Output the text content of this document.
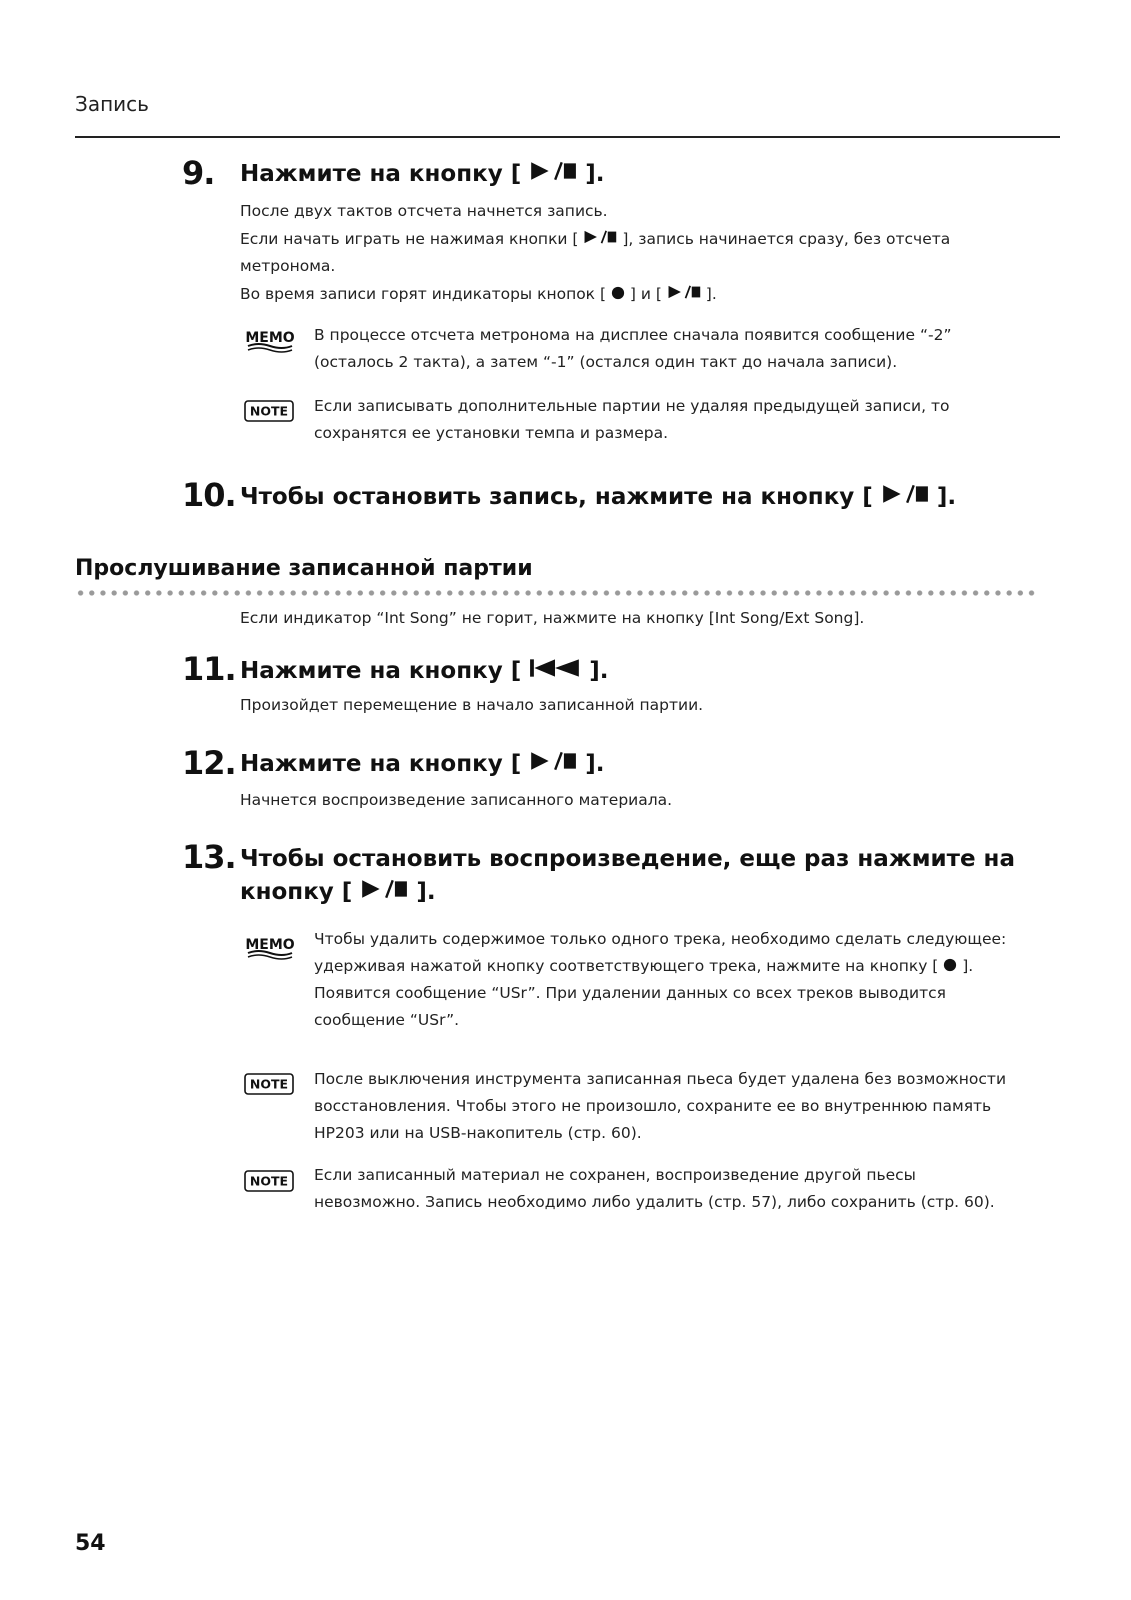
Запись
9. Нажмите на кнопку [  ].
После двух тактов отсчета начнется запись.
Если начать играть не нажимая кнопки [  ], запись начинается сразу, без отсчета
метронома.
Во время записи горят индикаторы кнопок [  ] и [  ].
MEMO В процессе отсчета метронома на дисплее сначала появится сообщение “-2”
(осталось 2 такта), а затем “-1” (остался один такт до начала записи).
NOTE Если записывать дополнительные партии не удаляя предыдущей записи, то
сохранятся ее установки темпа и размера.
10. Чтобы остановить запись, нажмите на кнопку [  ].
Прослушивание записанной партии
Если индикатор “Int Song” не горит, нажмите на кнопку [Int Song/Ext Song].
11. Нажмите на кнопку [  ].
Произойдет перемещение в начало записанной партии.
12. Нажмите на кнопку [  ].
Начнется воспроизведение записанного материала.
13. Чтобы остановить воспроизведение, еще раз нажмите на
кнопку [  ].
MEMO Чтобы удалить содержимое только одного трека, необходимо сделать следующее:
удерживая нажатой кнопку соответствующего трека, нажмите на кнопку [  ].
Появится сообщение “USr”. При удалении данных со всех треков выводится
сообщение “USr”.
NOTE После выключения инструмента записанная пьеса будет удалена без возможности
восстановления. Чтобы этого не произошло, сохраните ее во внутреннюю память
HP203 или на USB-накопитель (стр. 60).
NOTE Если записанный материал не сохранен, воспроизведение другой пьесы
невозможно. Запись необходимо либо удалить (стр. 57), либо сохранить (стр. 60).
54
